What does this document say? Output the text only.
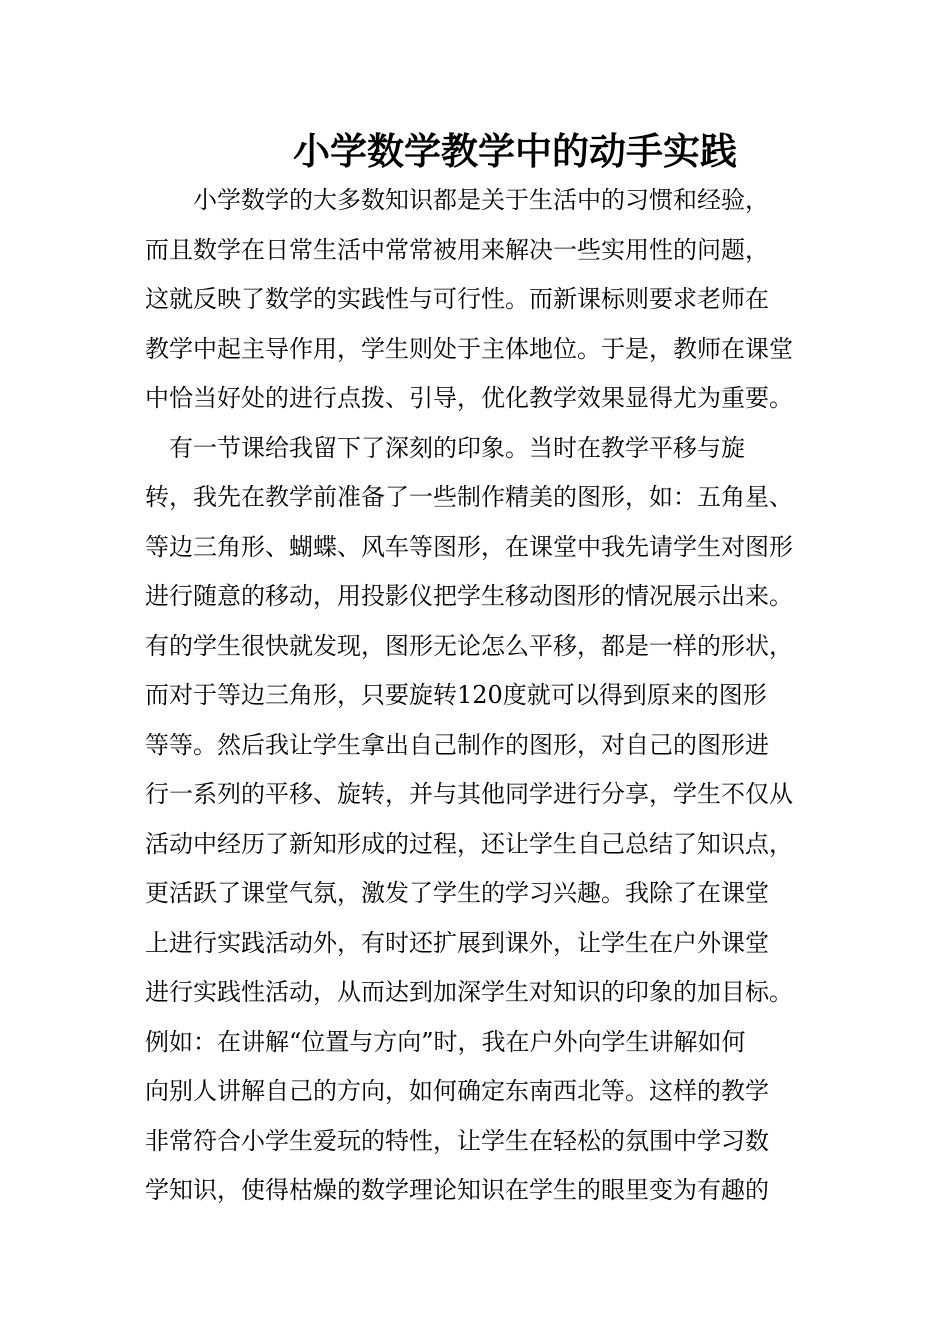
小学数学教学中的动手实践
　　小学数学的大多数知识都是关于生活中的习惯和经验，
而且数学在日常生活中常常被用来解决一些实用性的问题，
这就反映了数学的实践性与可行性。而新课标则要求老师在
教学中起主导作用，学生则处于主体地位。于是，教师在课堂
中恰当好处的进行点拨、引导，优化教学效果显得尤为重要。
　有一节课给我留下了深刻的印象。当时在教学平移与旋
转，我先在教学前准备了一些制作精美的图形，如：五角星、
等边三角形、蝴蝶、风车等图形，在课堂中我先请学生对图形
进行随意的移动，用投影仪把学生移动图形的情况展示出来。
有的学生很快就发现，图形无论怎么平移，都是一样的形状，
而对于等边三角形，只要旋转120度就可以得到原来的图形
等等。然后我让学生拿出自己制作的图形，对自己的图形进
行一系列的平移、旋转，并与其他同学进行分享，学生不仅从
活动中经历了新知形成的过程，还让学生自己总结了知识点，
更活跃了课堂气氛，激发了学生的学习兴趣。我除了在课堂
上进行实践活动外，有时还扩展到课外，让学生在户外课堂
进行实践性活动，从而达到加深学生对知识的印象的加目标。
例如：在讲解“位置与方向”时，我在户外向学生讲解如何
向别人讲解自己的方向，如何确定东南西北等。这样的教学
非常符合小学生爱玩的特性，让学生在轻松的氛围中学习数
学知识，使得枯燥的数学理论知识在学生的眼里变为有趣的
